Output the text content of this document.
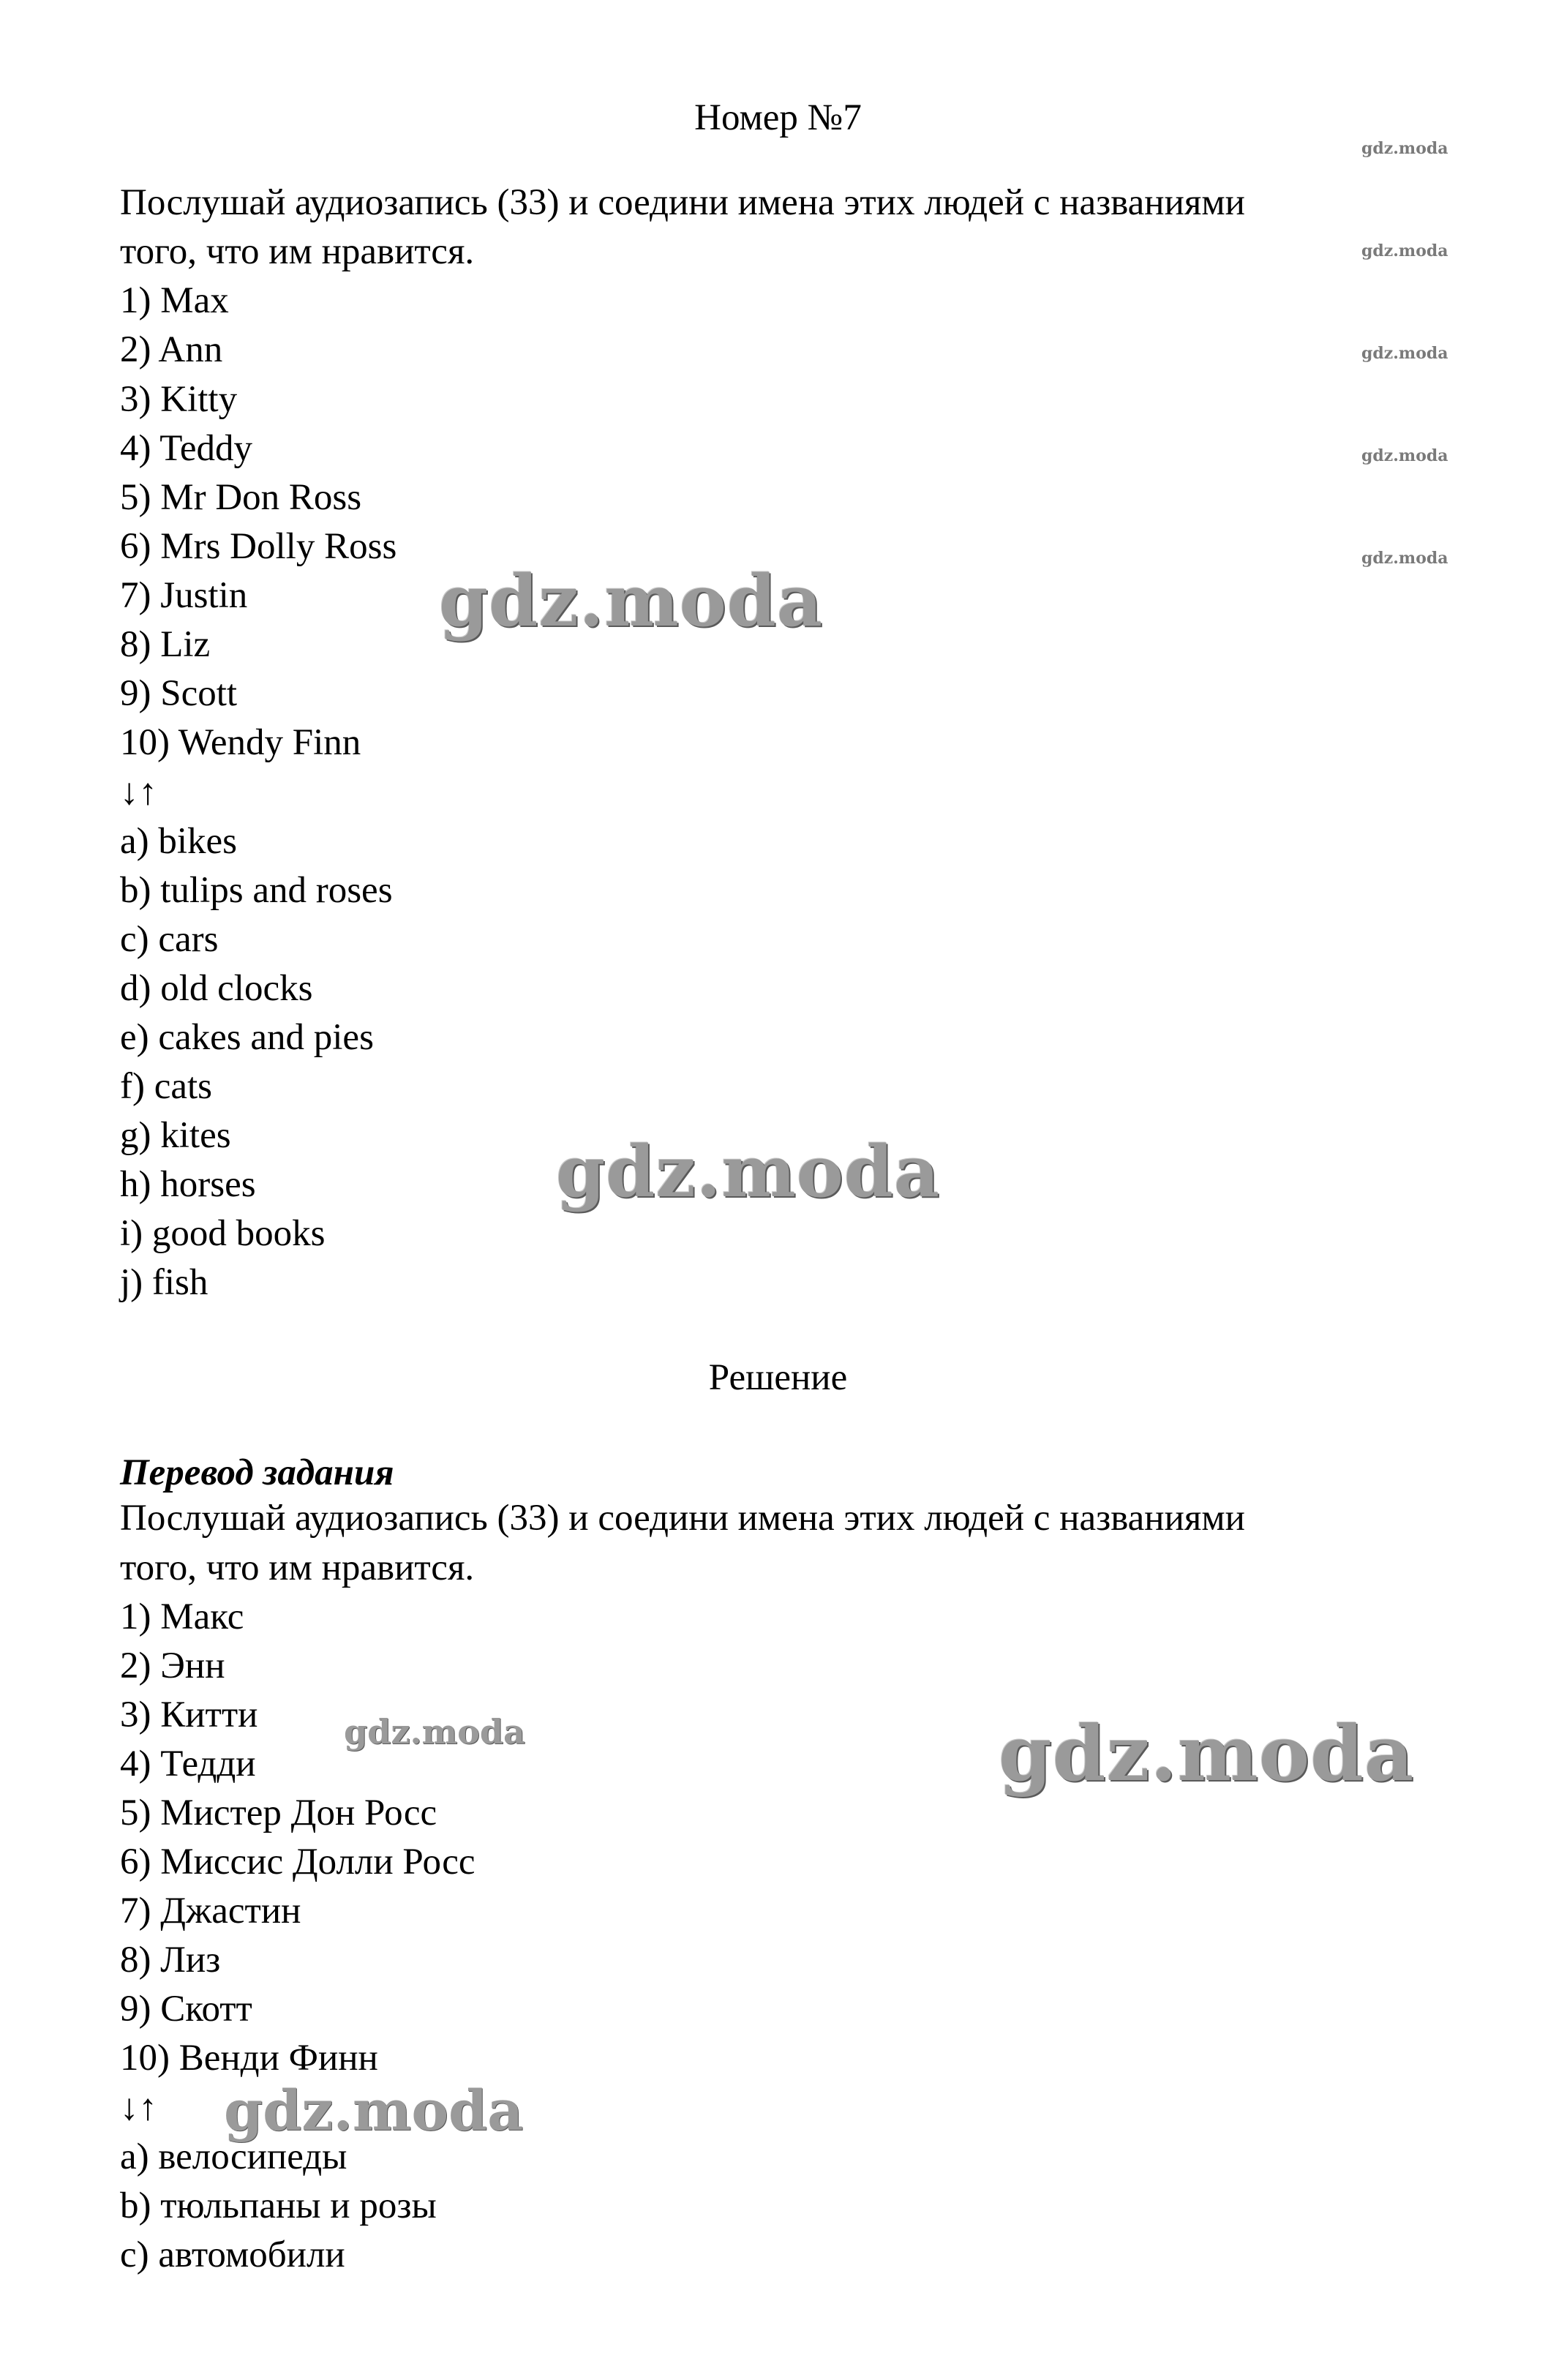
Номер №7
Послушай аудиозапись (33) и соедини имена этих людей с названиями
того, что им нравится.
1) Max
2) Ann
3) Kitty
4) Teddy
5) Mr Don Ross
6) Mrs Dolly Ross
7) Justin
8) Liz
9) Scott
10) Wendy Finn
↓↑
a) bikes
b) tulips and roses
c) cars
d) old clocks
e) cakes and pies
f) cats
g) kites
h) horses
i) good books
j) fish
Решение
Перевод задания
Послушай аудиозапись (33) и соедини имена этих людей с названиями
того, что им нравится.
1) Макс
2) Энн
3) Китти
4) Тедди
5) Мистер Дон Росс
6) Миссис Долли Росс
7) Джастин
8) Лиз
9) Скотт
10) Венди Финн
↓↑
a) велосипеды
b) тюльпаны и розы
c) автомобили
gdz.moda
gdz.moda
gdz.moda
gdz.moda
gdz.moda
gdz.moda
gdz.moda
gdz.moda
gdz.moda
gdz.moda
